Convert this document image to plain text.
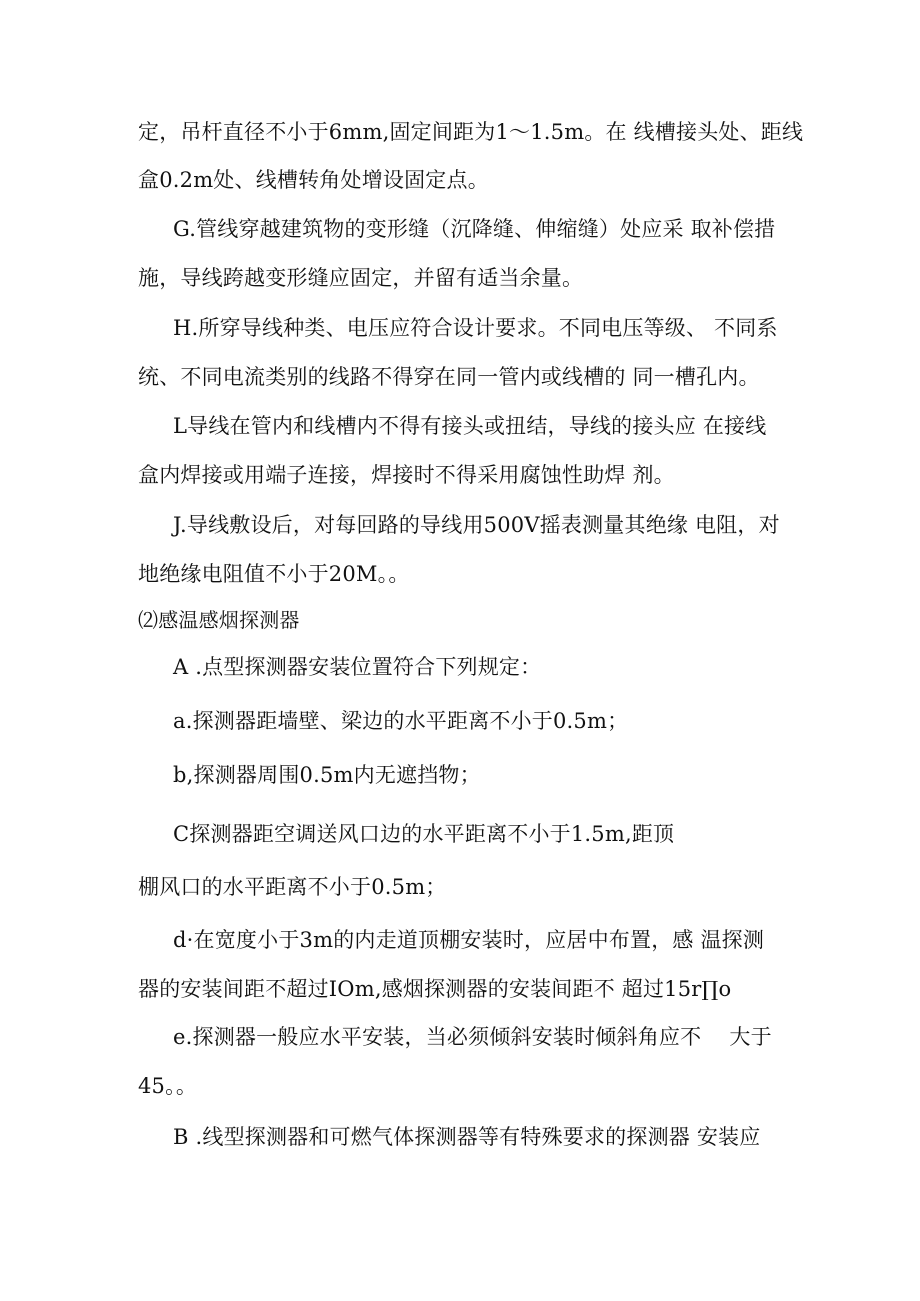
定，吊杆直径不小于6mm,固定间距为1～1.5m。在 线槽接头处、距线
盒0.2m处、线槽转角处增设固定点。
G.管线穿越建筑物的变形缝（沉降缝、伸缩缝）处应采 取补偿措
施，导线跨越变形缝应固定，并留有适当余量。
H.所穿导线种类、电压应符合设计要求。不同电压等级、 不同系
统、不同电流类别的线路不得穿在同一管内或线槽的 同一槽孔内。
L导线在管内和线槽内不得有接头或扭结，导线的接头应 在接线
盒内焊接或用端子连接，焊接时不得采用腐蚀性助焊 剂。
J.导线敷设后，对每回路的导线用500V摇表测量其绝缘 电阻，对
地绝缘电阻值不小于20M。。
⑵感温感烟探测器
A .点型探测器安装位置符合下列规定：
a.探测器距墙壁、梁边的水平距离不小于0.5m；
b,探测器周围0.5m内无遮挡物；
C探测器距空调送风口边的水平距离不小于1.5m,距顶
棚风口的水平距离不小于0.5m；
d·在宽度小于3m的内走道顶棚安装时，应居中布置，感 温探测
器的安装间距不超过IOm,感烟探测器的安装间距不 超过15r∏o
e.探测器一般应水平安装，当必须倾斜安装时倾斜角应不　 大于
45。。
B .线型探测器和可燃气体探测器等有特殊要求的探测器 安装应
